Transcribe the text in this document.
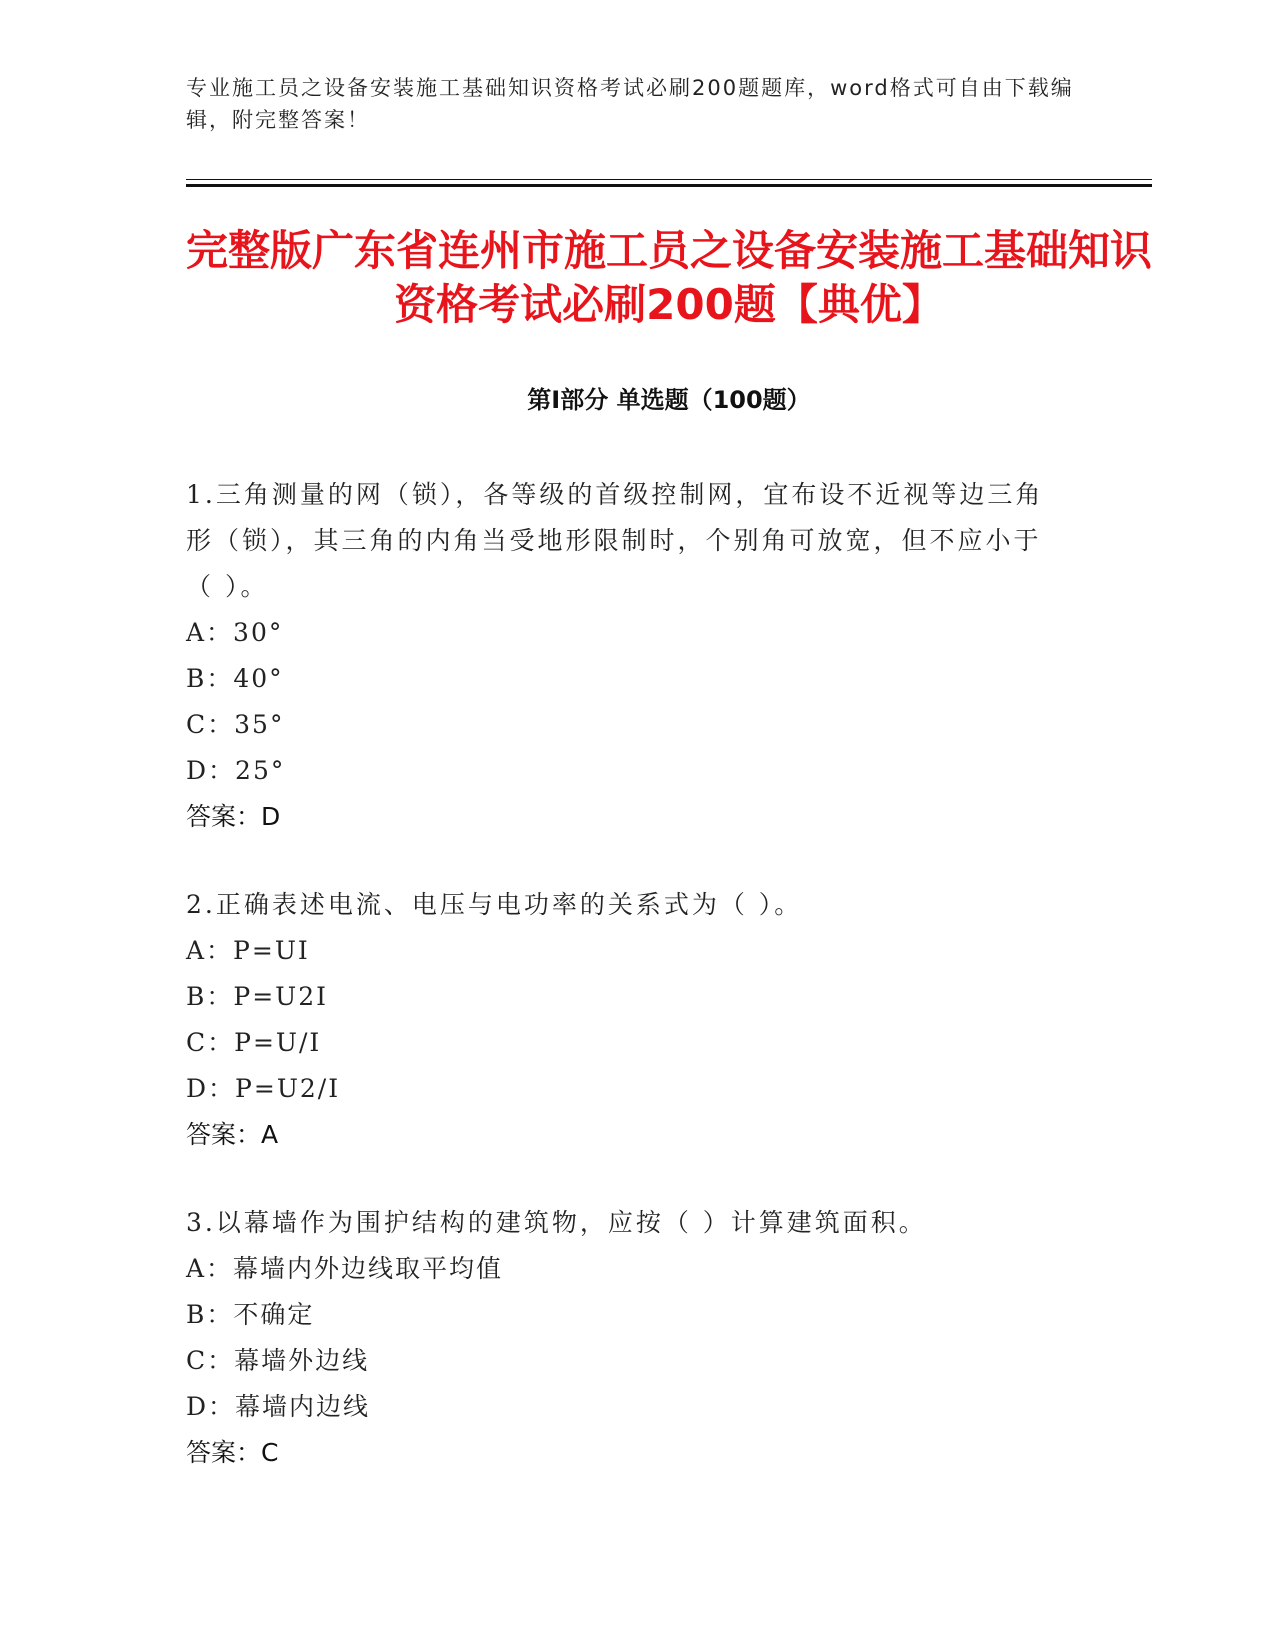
专业施工员之设备安装施工基础知识资格考试必刷200题题库，word格式可自由下载编辑，附完整答案！
完整版广东省连州市施工员之设备安装施工基础知识资格考试必刷200题【典优】
第Ⅰ部分 单选题（100题）

1.三角测量的网（锁），各等级的首级控制网，宜布设不近视等边三角形（锁），其三角的内角当受地形限制时，个别角可放宽，但不应小于（ ）。

A：30°

B：40°

C：35°

D：25°

答案：D

2.正确表述电流、电压与电功率的关系式为（ ）。

A：P=UI

B：P=U2I

C：P=U/I

D：P=U2/I

答案：A

3.以幕墙作为围护结构的建筑物，应按（ ）计算建筑面积。

A：幕墙内外边线取平均值

B：不确定

C：幕墙外边线

D：幕墙内边线

答案：C
